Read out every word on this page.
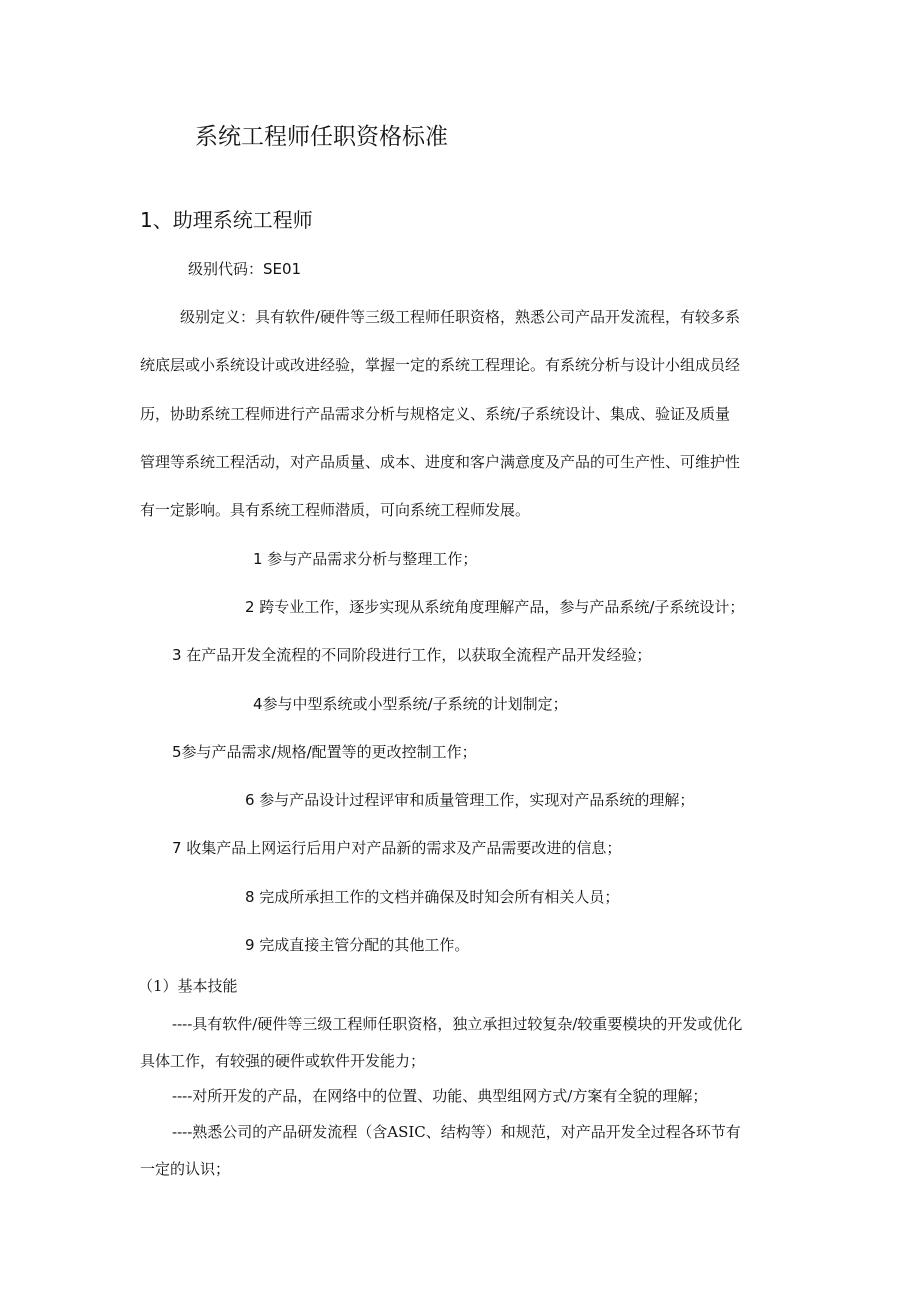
系统工程师任职资格标准
1、助理系统工程师
级别代码：SE01
级别定义：具有软件/硬件等三级工程师任职资格，熟悉公司产品开发流程，有较多系
统底层或小系统设计或改进经验，掌握一定的系统工程理论。有系统分析与设计小组成员经
历，协助系统工程师进行产品需求分析与规格定义、系统/子系统设计、集成、验证及质量
管理等系统工程活动，对产品质量、成本、进度和客户满意度及产品的可生产性、可维护性
有一定影响。具有系统工程师潜质，可向系统工程师发展。
1 参与产品需求分析与整理工作；
2 跨专业工作，逐步实现从系统角度理解产品，参与产品系统/子系统设计；
3 在产品开发全流程的不同阶段进行工作，以获取全流程产品开发经验；
4参与中型系统或小型系统/子系统的计划制定；
5参与产品需求/规格/配置等的更改控制工作；
6 参与产品设计过程评审和质量管理工作，实现对产品系统的理解；
7 收集产品上网运行后用户对产品新的需求及产品需要改进的信息；
8 完成所承担工作的文档并确保及时知会所有相关人员；
9 完成直接主管分配的其他工作。
（1）基本技能
----具有软件/硬件等三级工程师任职资格，独立承担过较复杂/较重要模块的开发或优化
具体工作，有较强的硬件或软件开发能力；
----对所开发的产品，在网络中的位置、功能、典型组网方式/方案有全貌的理解；
----熟悉公司的产品研发流程（含ASIC、结构等）和规范，对产品开发全过程各环节有
一定的认识；
